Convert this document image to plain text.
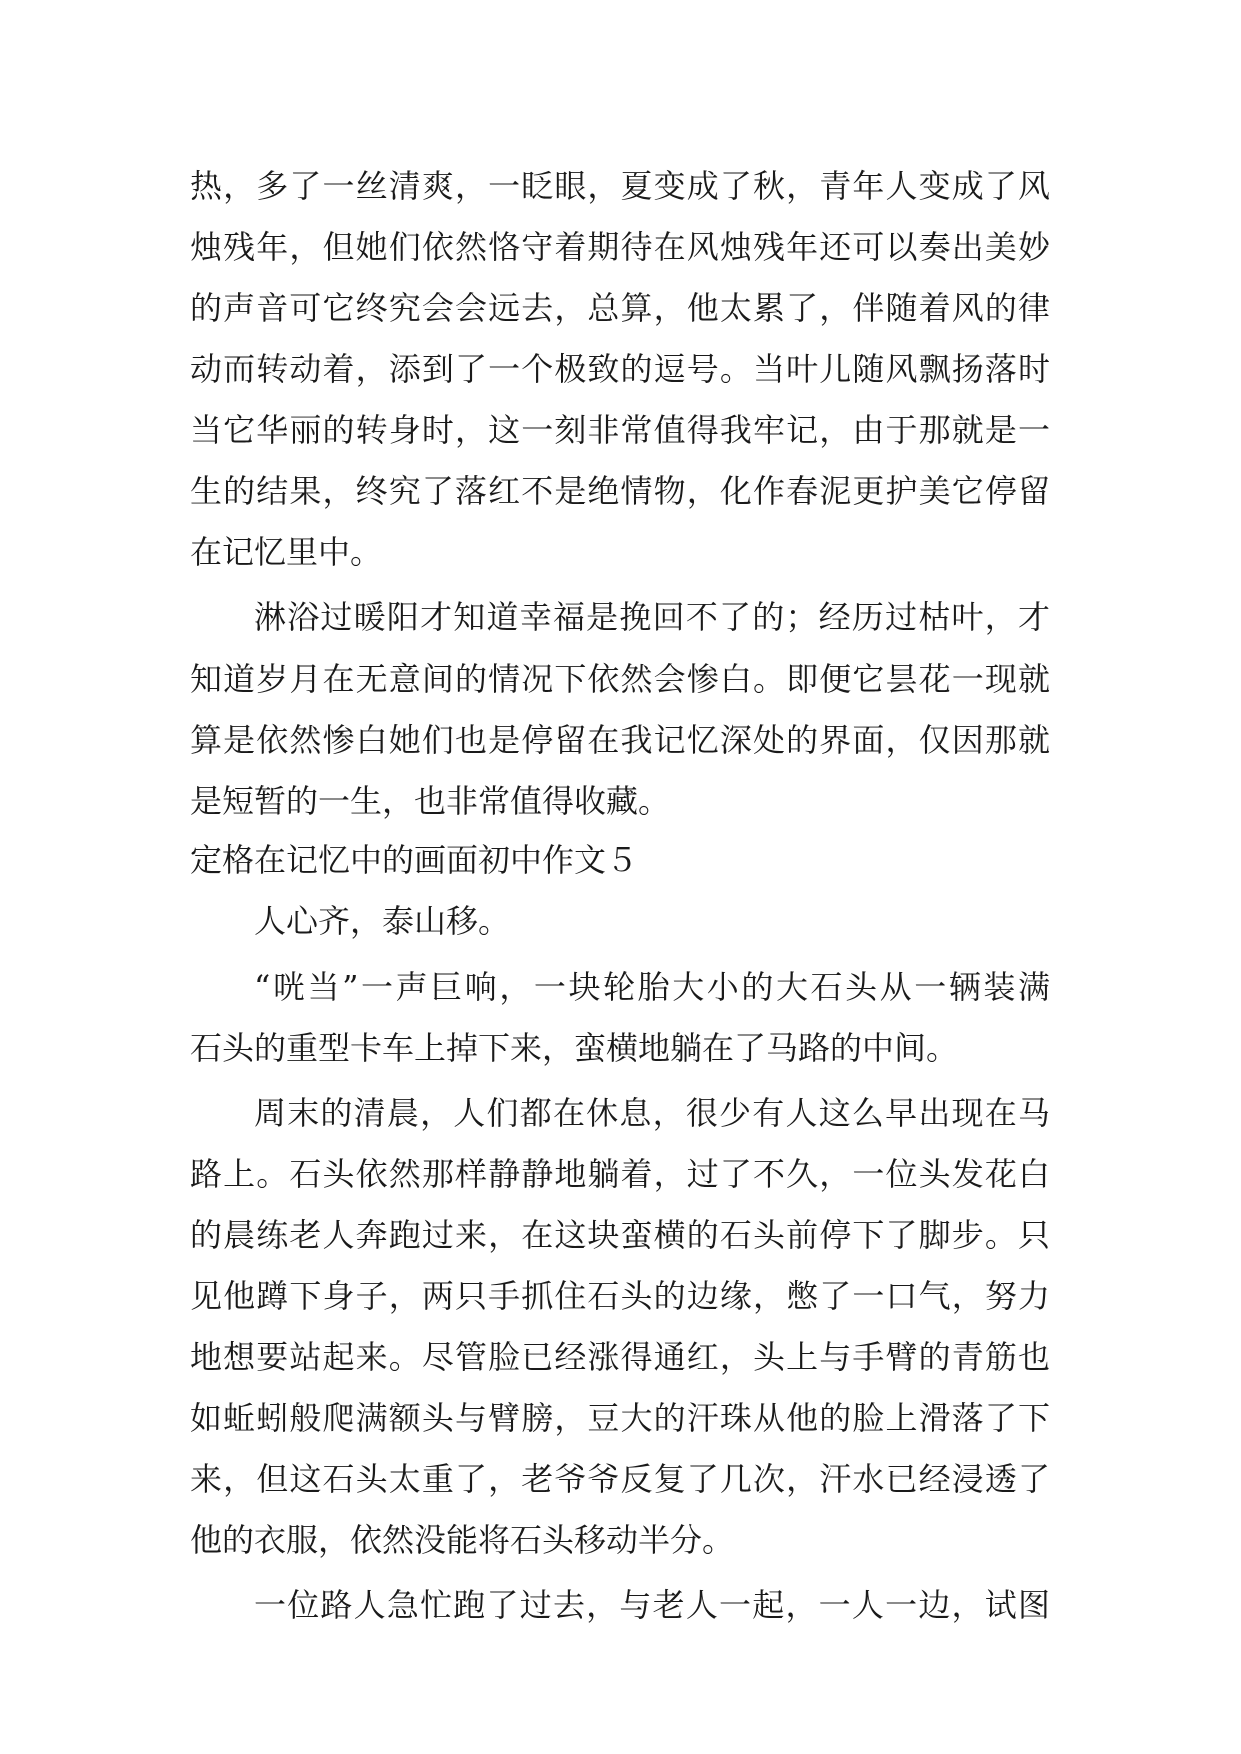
热，多了一丝清爽，一眨眼，夏变成了秋，青年人变成了风
烛残年，但她们依然恪守着期待在风烛残年还可以奏出美妙
的声音可它终究会会远去，总算，他太累了，伴随着风的律
动而转动着，添到了一个极致的逗号。当叶儿随风飘扬落时
当它华丽的转身时，这一刻非常值得我牢记，由于那就是一
生的结果，终究了落红不是绝情物，化作春泥更护美它停留
在记忆里中。
淋浴过暖阳才知道幸福是挽回不了的；经历过枯叶，才
知道岁月在无意间的情况下依然会惨白。即便它昙花一现就
算是依然惨白她们也是停留在我记忆深处的界面，仅因那就
是短暂的一生，也非常值得收藏。
定格在记忆中的画面初中作文５
人心齐，泰山移。
“咣当”一声巨响，一块轮胎大小的大石头从一辆装满
石头的重型卡车上掉下来，蛮横地躺在了马路的中间。
周末的清晨，人们都在休息，很少有人这么早出现在马
路上。石头依然那样静静地躺着，过了不久，一位头发花白
的晨练老人奔跑过来，在这块蛮横的石头前停下了脚步。只
见他蹲下身子，两只手抓住石头的边缘，憋了一口气，努力
地想要站起来。尽管脸已经涨得通红，头上与手臂的青筋也
如蚯蚓般爬满额头与臂膀，豆大的汗珠从他的脸上滑落了下
来，但这石头太重了，老爷爷反复了几次，汗水已经浸透了
他的衣服，依然没能将石头移动半分。
一位路人急忙跑了过去，与老人一起，一人一边，试图
